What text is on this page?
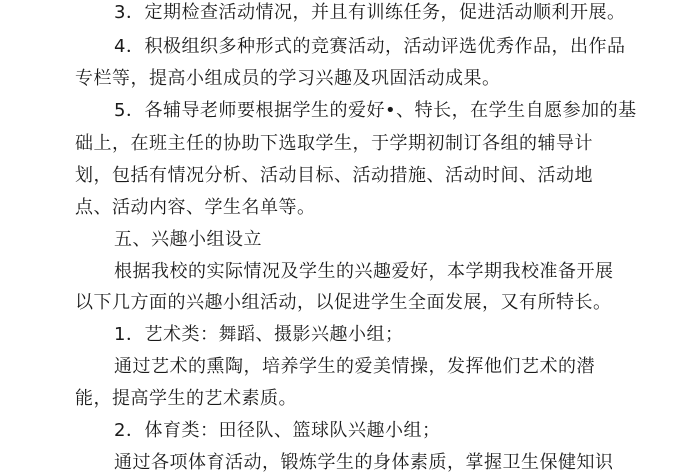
3．定期检查活动情况，并且有训练任务，促进活动顺利开展。
4．积极组织多种形式的竞赛活动，活动评选优秀作品，出作品
专栏等，提高小组成员的学习兴趣及巩固活动成果。
5．各辅导老师要根据学生的爱好•、特长，在学生自愿参加的基
础上，在班主任的协助下选取学生，于学期初制订各组的辅导计
划，包括有情况分析、活动目标、活动措施、活动时间、活动地
点、活动内容、学生名单等。
五、兴趣小组设立
根据我校的实际情况及学生的兴趣爱好，本学期我校准备开展
以下几方面的兴趣小组活动，以促进学生全面发展，又有所特长。
1．艺术类：舞蹈、摄影兴趣小组；
通过艺术的熏陶，培养学生的爱美情操，发挥他们艺术的潜
能，提高学生的艺术素质。
2．体育类：田径队、篮球队兴趣小组；
通过各项体育活动，锻炼学生的身体素质，掌握卫生保健知识
